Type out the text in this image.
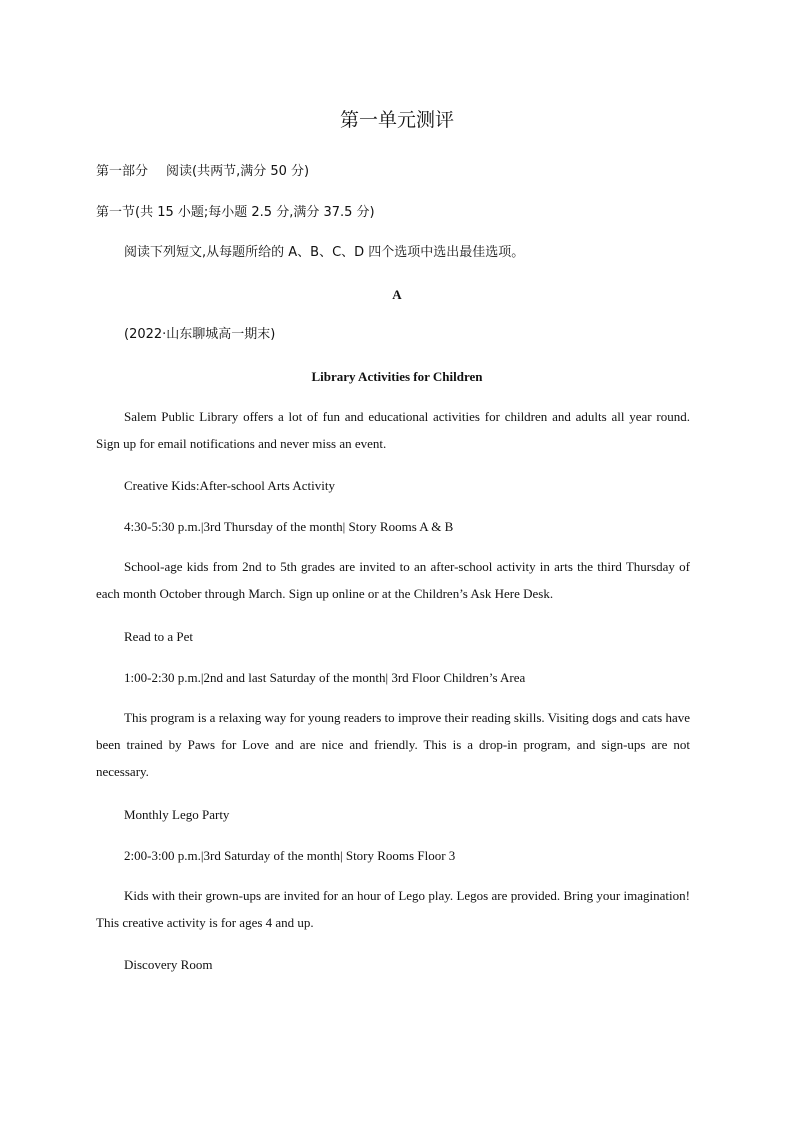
第一单元测评
第一部分 阅读(共两节,满分 50 分)
第一节(共 15 小题;每小题 2.5 分,满分 37.5 分)
阅读下列短文,从每题所给的 A、B、C、D 四个选项中选出最佳选项。
A
(2022·山东聊城高一期末)
Library Activities for Children
Salem Public Library offers a lot of fun and educational activities for children and adults all year round. Sign up for email notifications and never miss an event.
Creative Kids:After-school Arts Activity
4:30-5:30 p.m.|3rd Thursday of the month| Story Rooms A & B
School-age kids from 2nd to 5th grades are invited to an after-school activity in arts the third Thursday of each month October through March. Sign up online or at the Children’s Ask Here Desk.
Read to a Pet
1:00-2:30 p.m.|2nd and last Saturday of the month| 3rd Floor Children’s Area
This program is a relaxing way for young readers to improve their reading skills. Visiting dogs and cats have been trained by Paws for Love and are nice and friendly. This is a drop-in program, and sign-ups are not necessary.
Monthly Lego Party
2:00-3:00 p.m.|3rd Saturday of the month| Story Rooms Floor 3
Kids with their grown-ups are invited for an hour of Lego play. Legos are provided. Bring your imagination! This creative activity is for ages 4 and up.
Discovery Room
